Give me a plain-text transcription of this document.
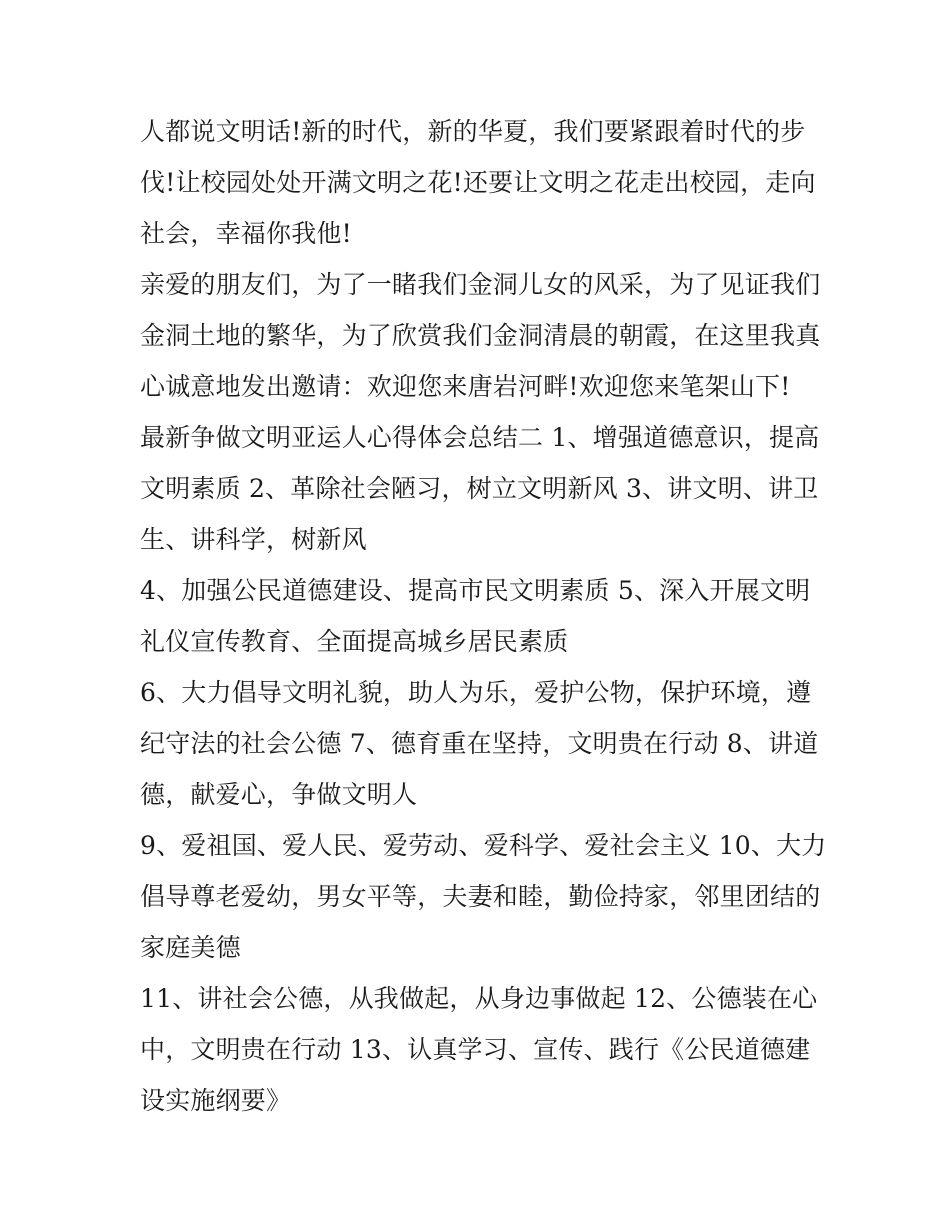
人都说文明话!新的时代，新的华夏，我们要紧跟着时代的步
伐!让校园处处开满文明之花!还要让文明之花走出校园，走向
社会，幸福你我他!
亲爱的朋友们，为了一睹我们金洞儿女的风采，为了见证我们
金洞土地的繁华，为了欣赏我们金洞清晨的朝霞，在这里我真
心诚意地发出邀请：欢迎您来唐岩河畔!欢迎您来笔架山下!
最新争做文明亚运人心得体会总结二 1、增强道德意识，提高
文明素质 2、革除社会陋习，树立文明新风 3、讲文明、讲卫
生、讲科学，树新风
4、加强公民道德建设、提高市民文明素质 5、深入开展文明
礼仪宣传教育、全面提高城乡居民素质
6、大力倡导文明礼貌，助人为乐，爱护公物，保护环境，遵
纪守法的社会公德 7、德育重在坚持，文明贵在行动 8、讲道
德，献爱心，争做文明人
9、爱祖国、爱人民、爱劳动、爱科学、爱社会主义 10、大力
倡导尊老爱幼，男女平等，夫妻和睦，勤俭持家，邻里团结的
家庭美德
11、讲社会公德，从我做起，从身边事做起 12、公德装在心
中，文明贵在行动 13、认真学习、宣传、践行《公民道德建
设实施纲要》
